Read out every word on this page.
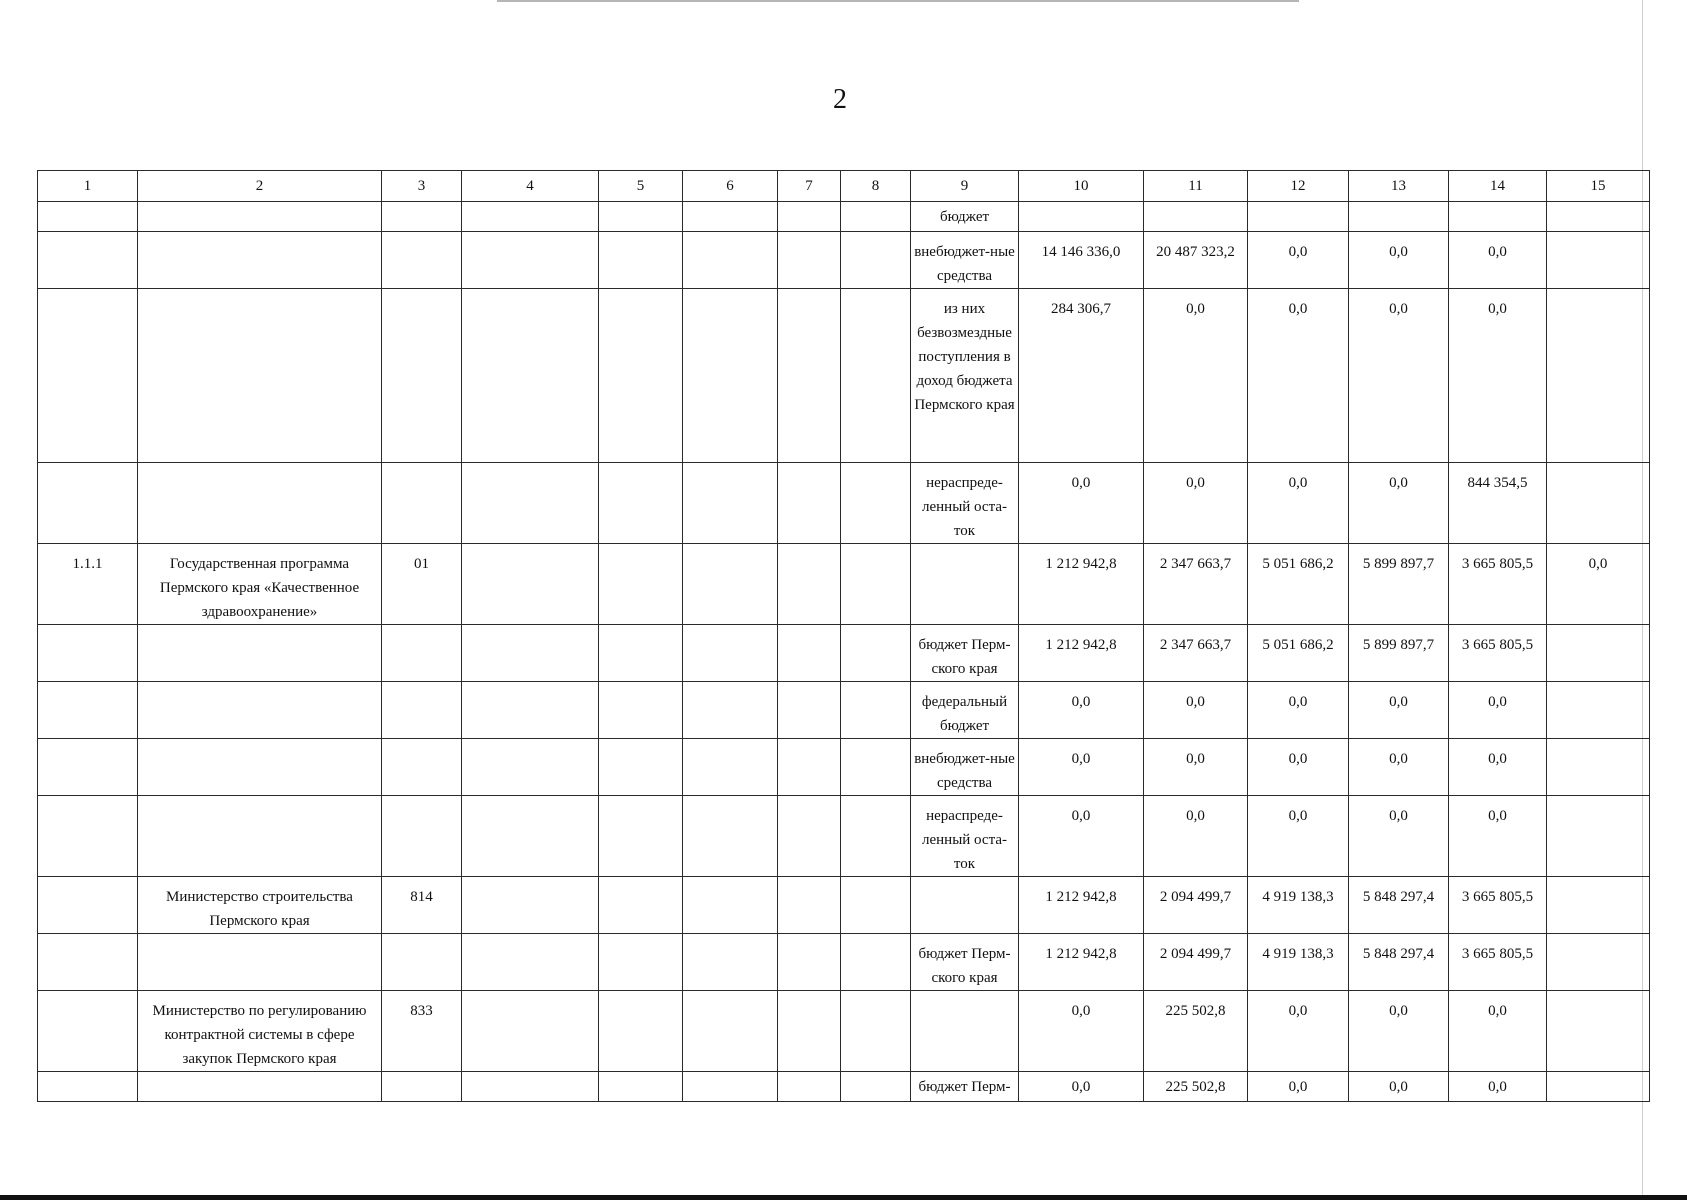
2
1	2	3	4	5	6	7	8	9	10	11	12	13	14	15
								бюджет						
								внебюджет-ные средства	14 146 336,0	20 487 323,2	0,0	0,0	0,0	
								из них безвозмездные поступления в доход бюджета Пермского края	284 306,7	0,0	0,0	0,0	0,0	
								нераспреде-ленный оста-ток	0,0	0,0	0,0	0,0	844 354,5	
1.1.1	Государственная программа Пермского края «Качественное здравоохранение»	01							1 212 942,8	2 347 663,7	5 051 686,2	5 899 897,7	3 665 805,5	0,0
								бюджет Перм-ского края	1 212 942,8	2 347 663,7	5 051 686,2	5 899 897,7	3 665 805,5	
								федеральный бюджет	0,0	0,0	0,0	0,0	0,0	
								внебюджет-ные средства	0,0	0,0	0,0	0,0	0,0	
								нераспреде-ленный оста-ток	0,0	0,0	0,0	0,0	0,0	
	Министерство строительства Пермского края	814							1 212 942,8	2 094 499,7	4 919 138,3	5 848 297,4	3 665 805,5	
								бюджет Перм-ского края	1 212 942,8	2 094 499,7	4 919 138,3	5 848 297,4	3 665 805,5	
	Министерство по регулированию контрактной системы в сфере закупок Пермского края	833							0,0	225 502,8	0,0	0,0	0,0	
								бюджет Перм-	0,0	225 502,8	0,0	0,0	0,0	
